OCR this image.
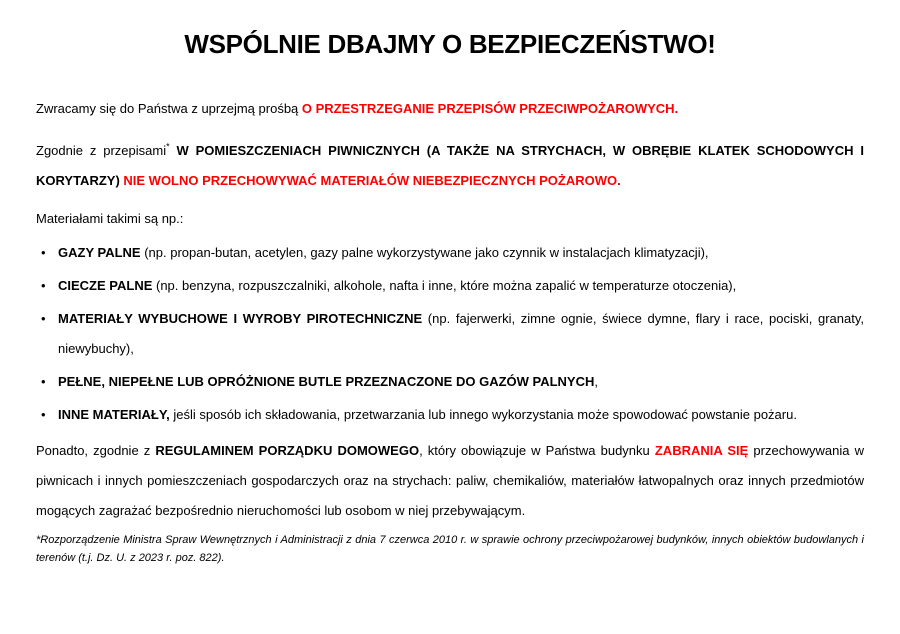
WSPÓLNIE DBAJMY O BEZPIECZEŃSTWO!

Zwracamy się do Państwa z uprzejmą prośbą O PRZESTRZEGANIE PRZEPISÓW PRZECIWPOŻAROWYCH.

Zgodnie z przepisami* W POMIESZCZENIACH PIWNICZNYCH (A TAKŻE NA STRYCHACH, W OBRĘBIE KLATEK SCHODOWYCH I KORYTARZY) NIE WOLNO PRZECHOWYWAĆ MATERIAŁÓW NIEBEZPIECZNYCH POŻAROWO.

Materiałami takimi są np.:

• GAZY PALNE (np. propan-butan, acetylen, gazy palne wykorzystywane jako czynnik w instalacjach klimatyzacji),

• CIECZE PALNE (np. benzyna, rozpuszczalniki, alkohole, nafta i inne, które można zapalić w temperaturze otoczenia),

• MATERIAŁY WYBUCHOWE I WYROBY PIROTECHNICZNE (np. fajerwerki, zimne ognie, świece dymne, flary i race, pociski, granaty, niewybuchy),

• PEŁNE, NIEPEŁNE LUB OPRÓŻNIONE BUTLE PRZEZNACZONE DO GAZÓW PALNYCH,

• INNE MATERIAŁY, jeśli sposób ich składowania, przetwarzania lub innego wykorzystania może spowodować powstanie pożaru.

Ponadto, zgodnie z REGULAMINEM PORZĄDKU DOMOWEGO, który obowiązuje w Państwa budynku ZABRANIA SIĘ przechowywania w piwnicach i innych pomieszczeniach gospodarczych oraz na strychach: paliw, chemikaliów, materiałów łatwopalnych oraz innych przedmiotów mogących zagrażać bezpośrednio nieruchomości lub osobom w niej przebywającym.

*Rozporządzenie Ministra Spraw Wewnętrznych i Administracji z dnia 7 czerwca 2010 r. w sprawie ochrony przeciwpożarowej budynków, innych obiektów budowlanych i terenów (t.j. Dz. U. z 2023 r. poz. 822).
